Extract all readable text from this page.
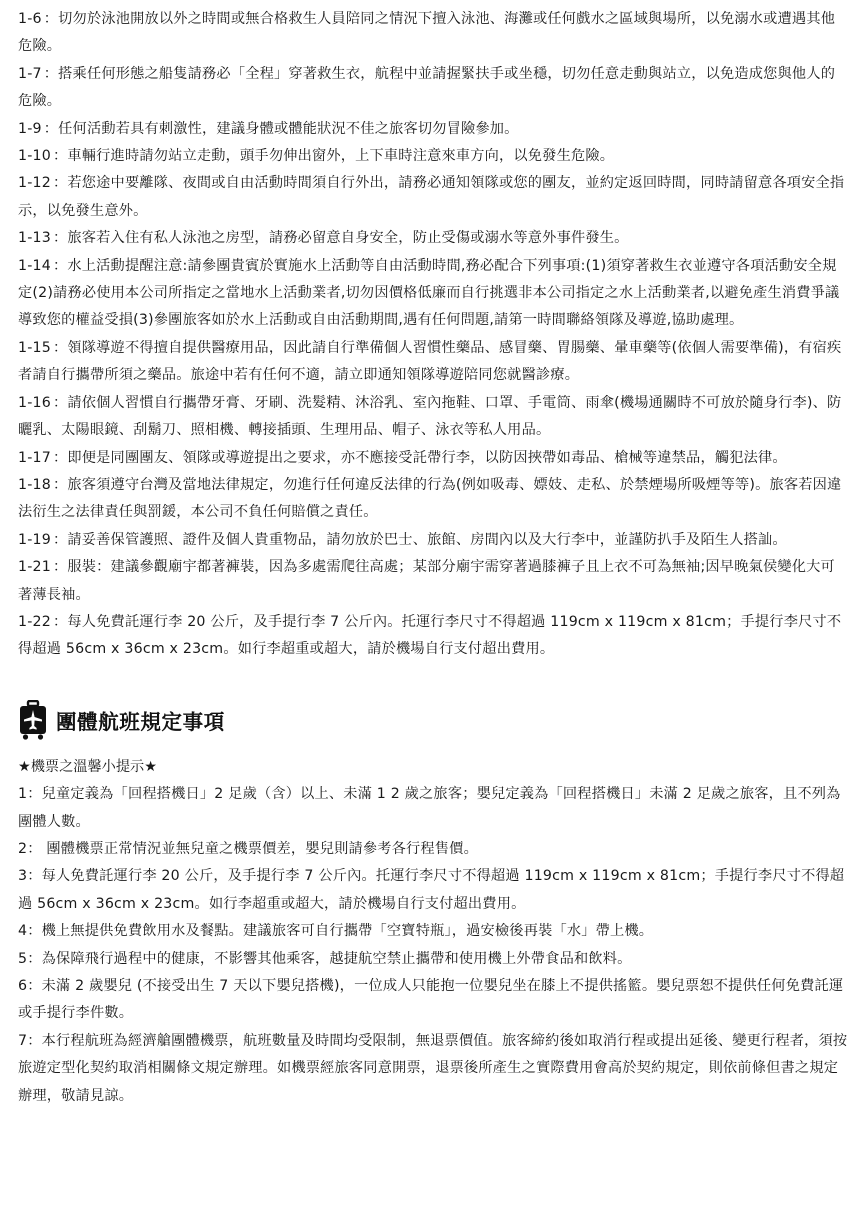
1-6 ：切勿於泳池開放以外之時間或無合格救生人員陪同之情況下擅入泳池、海灘或任何戲水之區域與場所，以免溺水或遭遇其他危險。

1-7 ：搭乘任何形態之船隻請務必「全程」穿著救生衣，航程中並請握緊扶手或坐穩，切勿任意走動與站立，以免造成您與他人的危險。

1-9 ：任何活動若具有刺激性，建議身體或體能狀況不佳之旅客切勿冒險參加。

1-10 ：車輛行進時請勿站立走動，頭手勿伸出窗外，上下車時注意來車方向，以免發生危險。

1-12 ：若您途中要離隊、夜間或自由活動時間須自行外出，請務必通知領隊或您的團友，並約定返回時間，同時請留意各項安全指示，以免發生意外。

1-13 ：旅客若入住有私人泳池之房型，請務必留意自身安全，防止受傷或溺水等意外事件發生。

1-14 ：水上活動提醒注意:請參團貴賓於實施水上活動等自由活動時間,務必配合下列事項:(1)須穿著救生衣並遵守各項活動安全規定(2)請務必使用本公司所指定之當地水上活動業者,切勿因價格低廉而自行挑選非本公司指定之水上活動業者,以避免產生消費爭議導致您的權益受損(3)參團旅客如於水上活動或自由活動期間,遇有任何問題,請第一時間聯絡領隊及導遊,協助處理。

1-15 ：領隊導遊不得擅自提供醫療用品，因此請自行準備個人習慣性藥品、感冒藥、胃腸藥、暈車藥等(依個人需要準備)，有宿疾者請自行攜帶所須之藥品。旅途中若有任何不適，請立即通知領隊導遊陪同您就醫診療。

1-16 ：請依個人習慣自行攜帶牙膏、牙刷、洗髮精、沐浴乳、室內拖鞋、口罩、手電筒、雨傘(機場通關時不可放於隨身行李)、防曬乳、太陽眼鏡、刮鬍刀、照相機、轉接插頭、生理用品、帽子、泳衣等私人用品。

1-17 ：即便是同團團友、領隊或導遊提出之要求，亦不應接受託帶行李，以防因挾帶如毒品、槍械等違禁品，觸犯法律。

1-18 ：旅客須遵守台灣及當地法律規定，勿進行任何違反法律的行為(例如吸毒、嫖妓、走私、於禁煙場所吸煙等等)。旅客若因違法衍生之法律責任與罰鍰，本公司不負任何賠償之責任。

1-19 ：請妥善保管護照、證件及個人貴重物品，請勿放於巴士、旅館、房間內以及大行李中，並謹防扒手及陌生人搭訕。

1-21 ：服裝：建議參觀廟宇都著褲裝，因為多處需爬往高處；某部分廟宇需穿著過膝褲子且上衣不可為無袖;因早晚氣侯變化大可著薄長袖。

1-22 ：每人免費託運行李 20 公斤，及手提行李 7 公斤內。托運行李尺寸不得超過 119cm x 119cm x 81cm；手提行李尺寸不得超過 56cm x 36cm x 23cm。如行李超重或超大，請於機場自行支付超出費用。

團體航班規定事項

★機票之溫馨小提示★

1：兒童定義為「回程搭機日」2 足歲（含）以上、未滿 1 2 歲之旅客；嬰兒定義為「回程搭機日」未滿 2 足歲之旅客，且不列為團體人數。

2： 團體機票正常情況並無兒童之機票價差，嬰兒則請參考各行程售價。

3：每人免費託運行李 20 公斤，及手提行李 7 公斤內。托運行李尺寸不得超過 119cm x 119cm x 81cm；手提行李尺寸不得超過 56cm x 36cm x 23cm。如行李超重或超大，請於機場自行支付超出費用。

4：機上無提供免費飲用水及餐點。建議旅客可自行攜帶「空寶特瓶」，過安檢後再裝「水」帶上機。

5：為保障飛行過程中的健康，不影響其他乘客，越捷航空禁止攜帶和使用機上外帶食品和飲料。

6：未滿 2 歲嬰兒 (不接受出生 7 天以下嬰兒搭機)，一位成人只能抱一位嬰兒坐在膝上不提供搖籃。嬰兒票恕不提供任何免費託運或手提行李件數。

7：本行程航班為經濟艙團體機票，航班數量及時間均受限制，無退票價值。旅客締約後如取消行程或提出延後、變更行程者，須按旅遊定型化契約取消相關條文規定辦理。如機票經旅客同意開票，退票後所產生之實際費用會高於契約規定，則依前條但書之規定辦理，敬請見諒。
